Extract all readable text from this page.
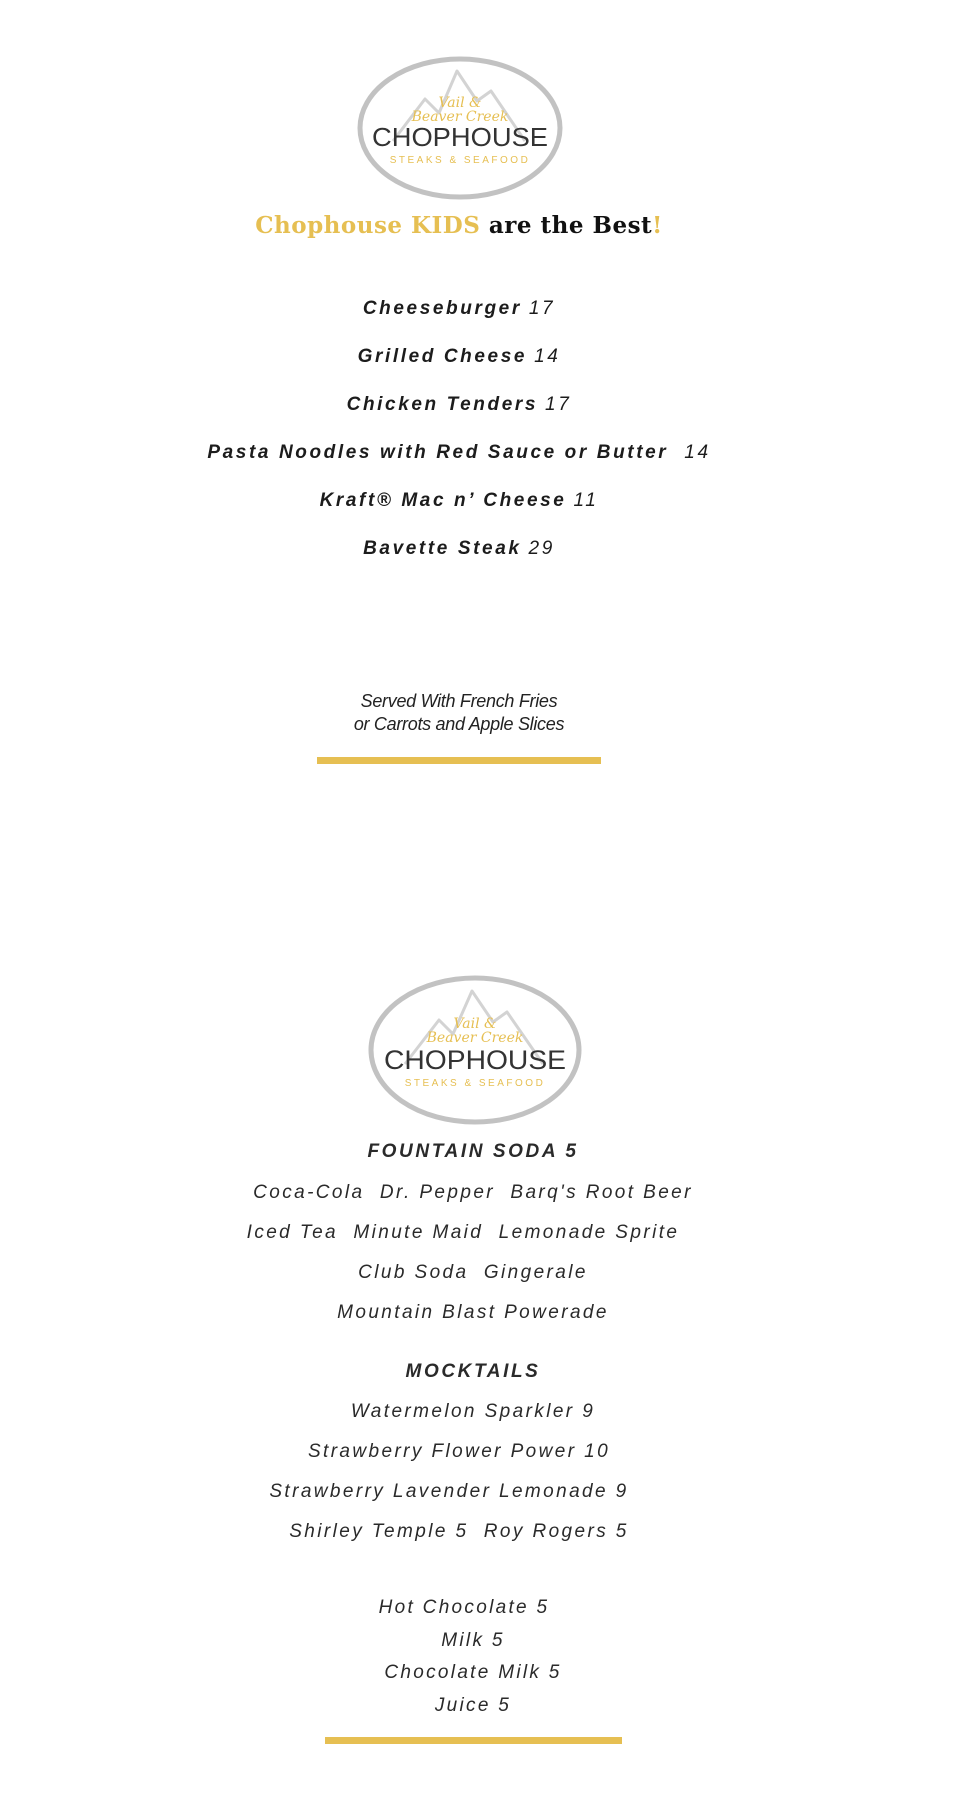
Vail &
Beaver Creek
CHOPHOUSE
STEAKS & SEAFOOD
Chophouse KIDS are the Best!
Cheeseburger 17
Grilled Cheese 14
Chicken Tenders 17
Pasta Noodles with Red Sauce or Butter 14
Kraft® Mac n’ Cheese 11
Bavette Steak 29
Served With French Fries
or Carrots and Apple Slices
Vail &
Beaver Creek
CHOPHOUSE
STEAKS & SEAFOOD
FOUNTAIN SODA 5
Coca-Cola  Dr. Pepper  Barq's Root Beer
Iced Tea  Minute Maid  Lemonade Sprite
Club Soda  Gingerale
Mountain Blast Powerade
MOCKTAILS
Watermelon Sparkler 9
Strawberry Flower Power 10
Strawberry Lavender Lemonade 9
Shirley Temple 5  Roy Rogers 5
Hot Chocolate 5
Milk 5
Chocolate Milk 5
Juice 5
